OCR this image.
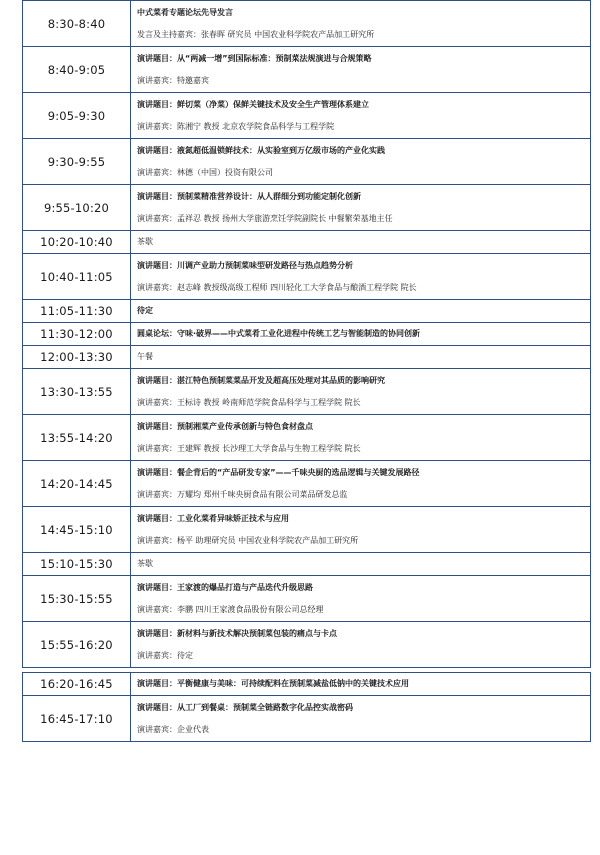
8:30-8:40	中式菜肴专题论坛先导发言
发言及主持嘉宾：张春晖 研究员 中国农业科学院农产品加工研究所

8:40-9:05	演讲题目：从“两减一增”到国际标准：预制菜法规演进与合规策略
演讲嘉宾：特邀嘉宾

9:05-9:30	演讲题目：鲜切菜（净菜）保鲜关键技术及安全生产管理体系建立
演讲嘉宾：陈湘宁 教授 北京农学院食品科学与工程学院

9:30-9:55	演讲题目：液氮超低温锁鲜技术：从实验室到万亿级市场的产业化实践
演讲嘉宾：林德（中国）投资有限公司

9:55-10:20	演讲题目：预制菜精准营养设计：从人群细分到功能定制化创新
演讲嘉宾：孟祥忍 教授 扬州大学旅游烹饪学院副院长 中餐繁荣基地主任

10:20-10:40	茶歇

10:40-11:05	演讲题目：川调产业助力预制菜味型研发路径与热点趋势分析
演讲嘉宾：赵志峰 教授级高级工程师 四川轻化工大学食品与酿酒工程学院 院长

11:05-11:30	待定

11:30-12:00	圆桌论坛：守味·破界——中式菜肴工业化进程中传统工艺与智能制造的协同创新

12:00-13:30	午餐

13:30-13:55	演讲题目：湛江特色预制菜菜品开发及超高压处理对其品质的影响研究
演讲嘉宾：王标诗 教授 岭南师范学院食品科学与工程学院 院长

13:55-14:20	演讲题目：预制湘菜产业传承创新与特色食材盘点
演讲嘉宾：王建辉 教授 长沙理工大学食品与生物工程学院 院长

14:20-14:45	演讲题目：餐企背后的“产品研发专家”——千味央厨的选品逻辑与关键发展路径
演讲嘉宾：万耀均 郑州千味央厨食品有限公司菜品研发总监

14:45-15:10	演讲题目：工业化菜肴异味矫正技术与应用
演讲嘉宾：杨平 助理研究员 中国农业科学院农产品加工研究所

15:10-15:30	茶歇

15:30-15:55	演讲题目：王家渡的爆品打造与产品迭代升级思路
演讲嘉宾：李鹏 四川王家渡食品股份有限公司总经理

15:55-16:20	演讲题目：新材料与新技术解决预制菜包装的痛点与卡点
演讲嘉宾：待定

16:20-16:45	演讲题目：平衡健康与美味：可持续配料在预制菜减盐低钠中的关键技术应用

16:45-17:10	演讲题目：从工厂到餐桌：预制菜全链路数字化品控实战密码
演讲嘉宾：企业代表
